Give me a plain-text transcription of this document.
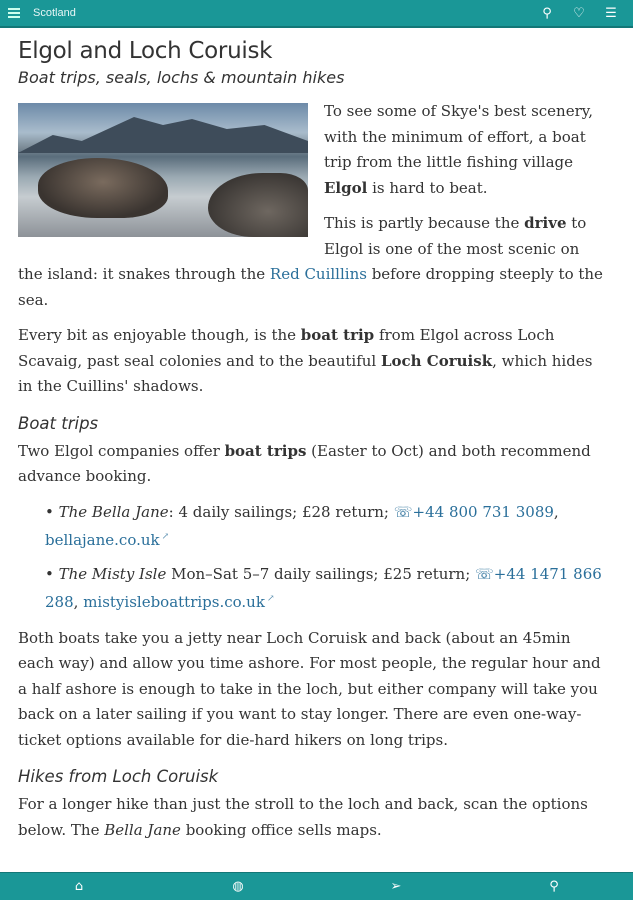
Scotland	⚲ ♡ ☰
Elgol and Loch Coruisk
Boat trips, seals, lochs & mountain hikes

To see some of Skye's best scenery, with the minimum of effort, a boat trip from the little fishing village Elgol is hard to beat.

This is partly because the drive to Elgol is one of the most scenic on the island: it snakes through the Red Cuilllins before dropping steeply to the sea.

Every bit as enjoyable though, is the boat trip from Elgol across Loch Scavaig, past seal colonies and to the beautiful Loch Coruisk, which hides in the Cuillins' shadows.

Boat trips

Two Elgol companies offer boat trips (Easter to Oct) and both recommend advance booking.

• The Bella Jane: 4 daily sailings; £28 return; ☏+44 800 731 3089, bellajane.co.uk ↗
• The Misty Isle Mon–Sat 5–7 daily sailings; £25 return; ☏+44 1471 866 288, mistyisleboattrips.co.uk ↗

Both boats take you a jetty near Loch Coruisk and back (about an 45min each way) and allow you time ashore. For most people, the regular hour and a half ashore is enough to take in the loch, but either company will take you back on a later sailing if you want to stay longer. There are even one-way-ticket options available for die-hard hikers on long trips.

Hikes from Loch Coruisk

For a longer hike than just the stroll to the loch and back, scan the options below. The Bella Jane booking office sells maps.

⌂	◍	➢	⚲
